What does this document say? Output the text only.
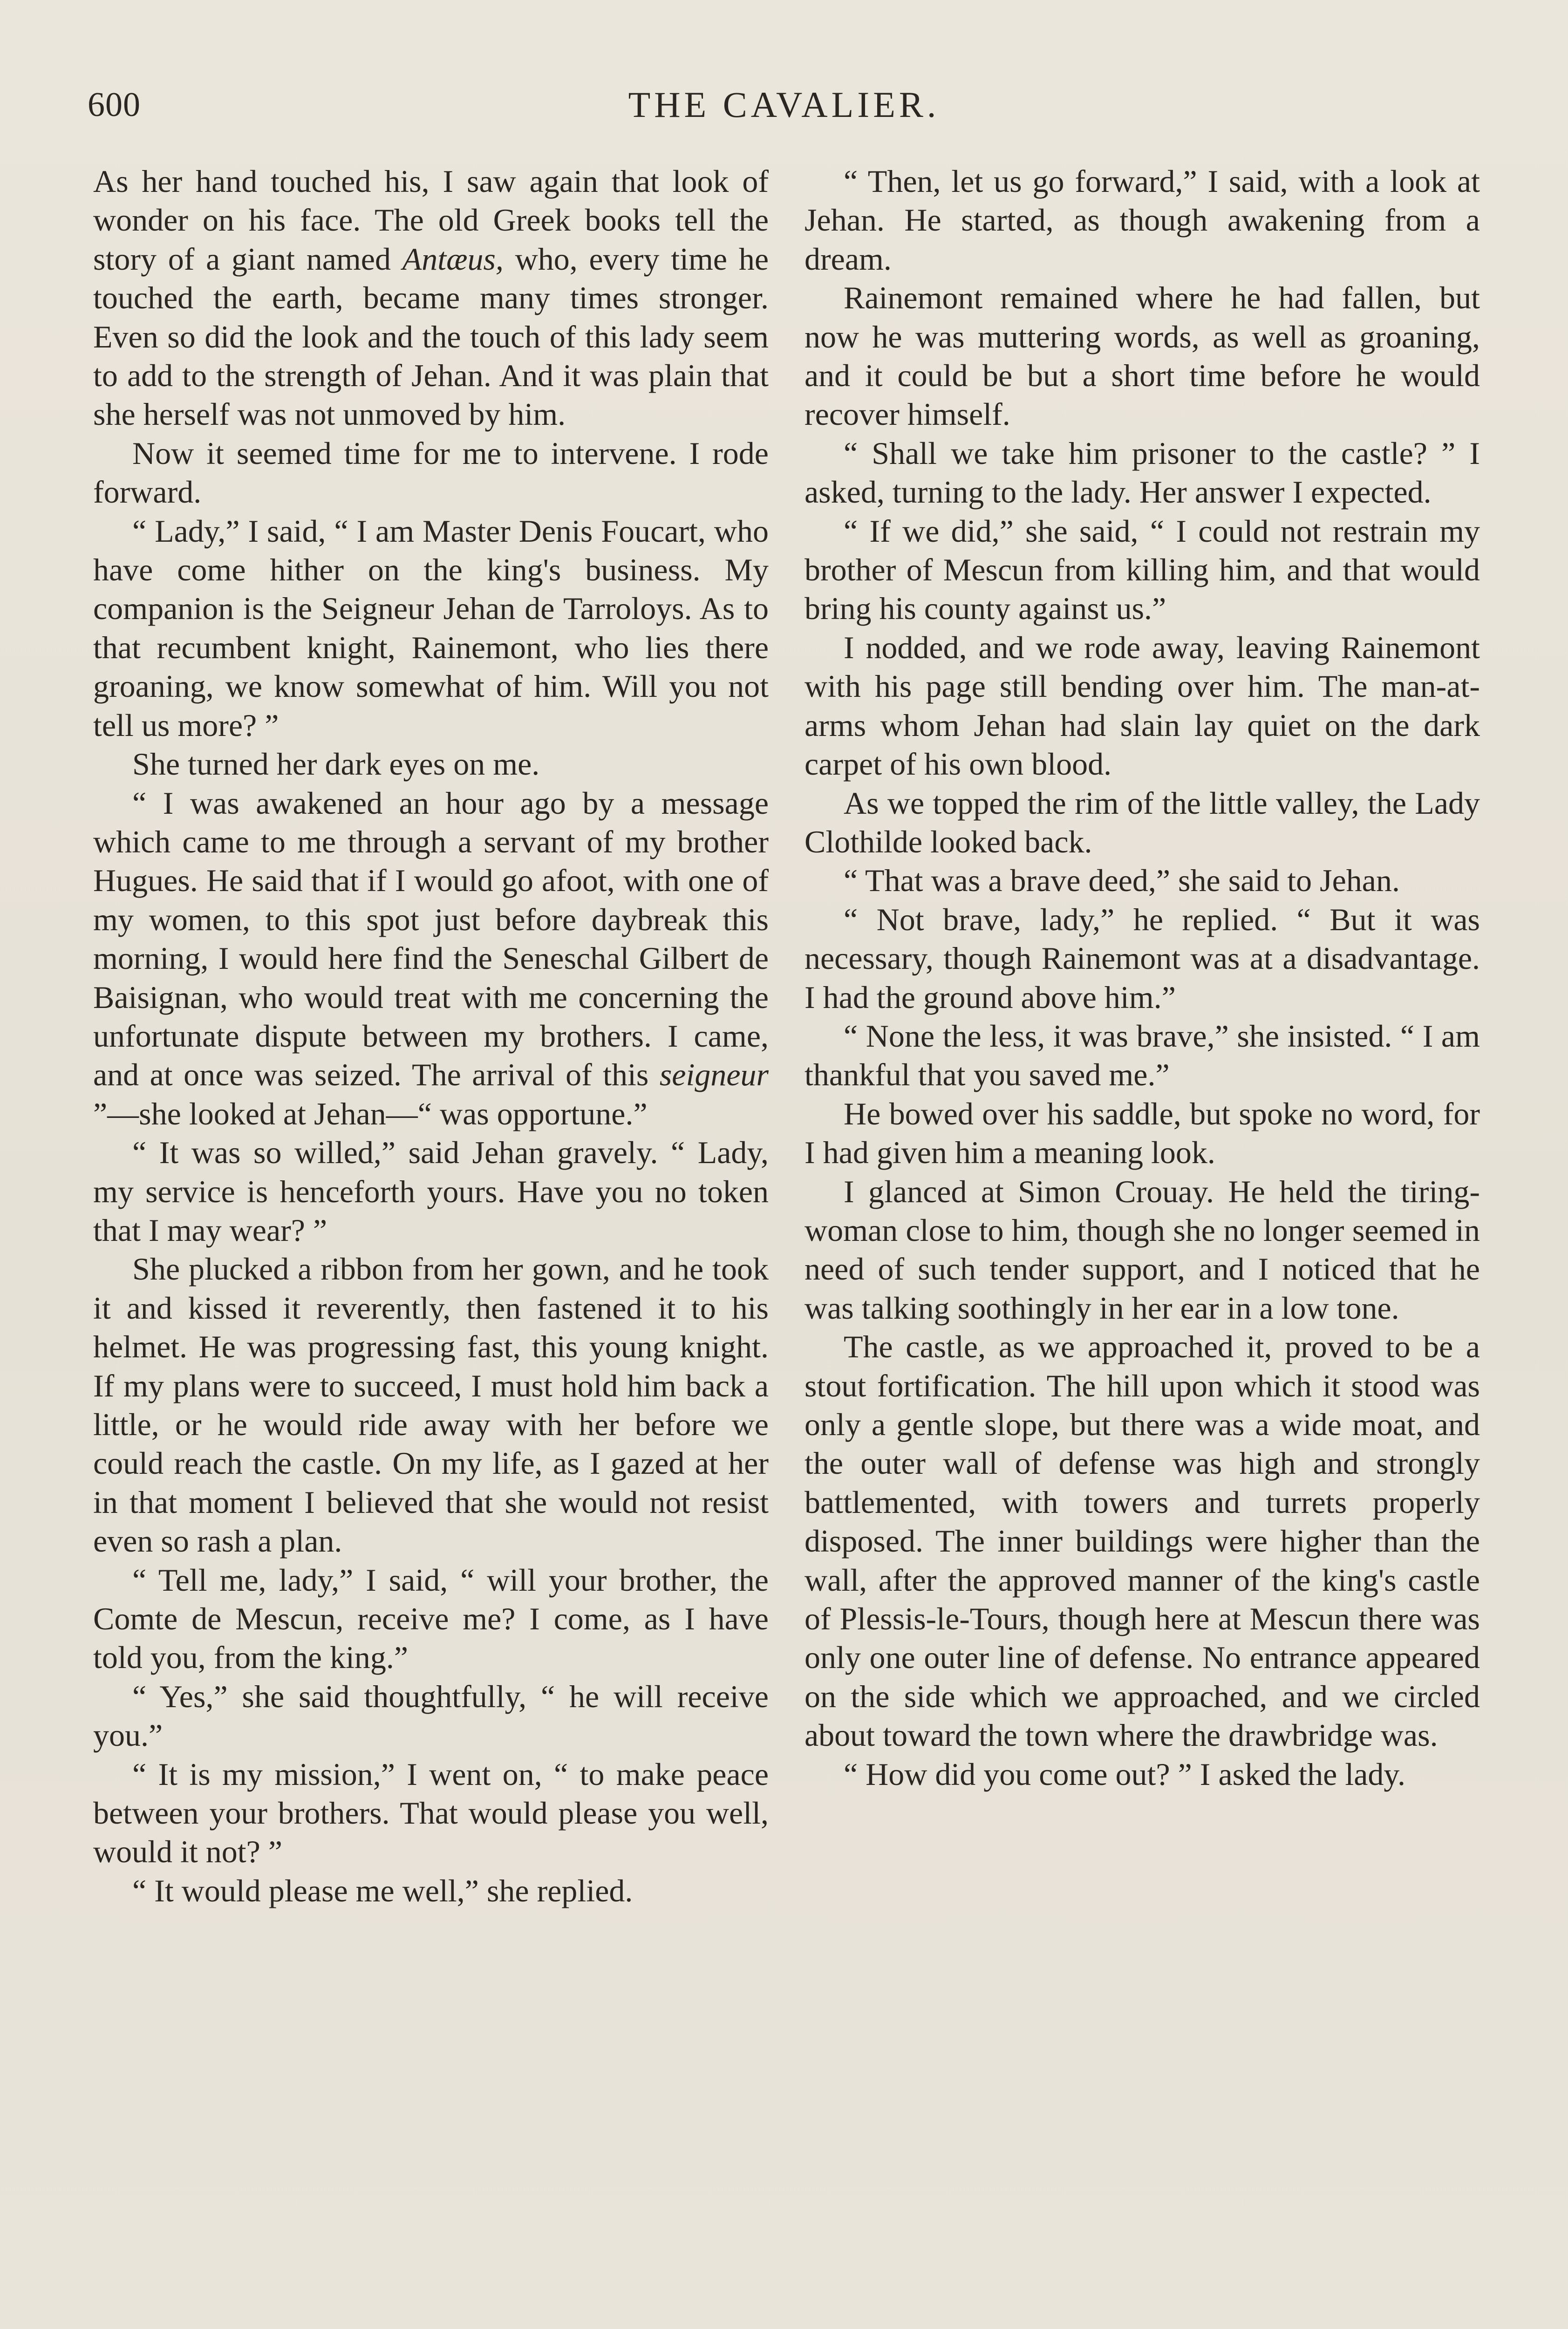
600	THE CAVALIER.

As her hand touched his, I saw again that look of wonder on his face. The old Greek books tell the story of a giant named Antæus, who, every time he touched the earth, became many times stronger. Even so did the look and the touch of this lady seem to add to the strength of Jehan. And it was plain that she herself was not unmoved by him.

Now it seemed time for me to intervene. I rode forward.

“ Lady,” I said, “ I am Master Denis Foucart, who have come hither on the king's business. My companion is the Seigneur Jehan de Tarroloys. As to that recumbent knight, Rainemont, who lies there groaning, we know somewhat of him. Will you not tell us more? ”

She turned her dark eyes on me.

“ I was awakened an hour ago by a message which came to me through a servant of my brother Hugues. He said that if I would go afoot, with one of my women, to this spot just before daybreak this morning, I would here find the Seneschal Gilbert de Baisignan, who would treat with me concerning the unfortunate dispute between my brothers. I came, and at once was seized. The arrival of this seigneur ”—she looked at Jehan—“ was opportune.”

“ It was so willed,” said Jehan gravely. “ Lady, my service is henceforth yours. Have you no token that I may wear? ”

She plucked a ribbon from her gown, and he took it and kissed it reverently, then fastened it to his helmet. He was progressing fast, this young knight. If my plans were to succeed, I must hold him back a little, or he would ride away with her before we could reach the castle. On my life, as I gazed at her in that moment I believed that she would not resist even so rash a plan.

“ Tell me, lady,” I said, “ will your brother, the Comte de Mescun, receive me? I come, as I have told you, from the king.”

“ Yes,” she said thoughtfully, “ he will receive you.”

“ It is my mission,” I went on, “ to make peace between your brothers. That would please you well, would it not? ”

“ It would please me well,” she replied.

“ Then, let us go forward,” I said, with a look at Jehan. He started, as though awakening from a dream.

Rainemont remained where he had fallen, but now he was muttering words, as well as groaning, and it could be but a short time before he would recover himself.

“ Shall we take him prisoner to the castle? ” I asked, turning to the lady. Her answer I expected.

“ If we did,” she said, “ I could not restrain my brother of Mescun from killing him, and that would bring his county against us.”

I nodded, and we rode away, leaving Rainemont with his page still bending over him. The man-at-arms whom Jehan had slain lay quiet on the dark carpet of his own blood.

As we topped the rim of the little valley, the Lady Clothilde looked back.

“ That was a brave deed,” she said to Jehan.

“ Not brave, lady,” he replied. “ But it was necessary, though Rainemont was at a disadvantage. I had the ground above him.”

“ None the less, it was brave,” she insisted. “ I am thankful that you saved me.”

He bowed over his saddle, but spoke no word, for I had given him a meaning look.

I glanced at Simon Crouay. He held the tiring-woman close to him, though she no longer seemed in need of such tender support, and I noticed that he was talking soothingly in her ear in a low tone.

The castle, as we approached it, proved to be a stout fortification. The hill upon which it stood was only a gentle slope, but there was a wide moat, and the outer wall of defense was high and strongly battlemented, with towers and turrets properly disposed. The inner buildings were higher than the wall, after the approved manner of the king's castle of Plessis-le-Tours, though here at Mescun there was only one outer line of defense. No entrance appeared on the side which we approached, and we circled about toward the town where the drawbridge was.

“ How did you come out? ” I asked the lady.
